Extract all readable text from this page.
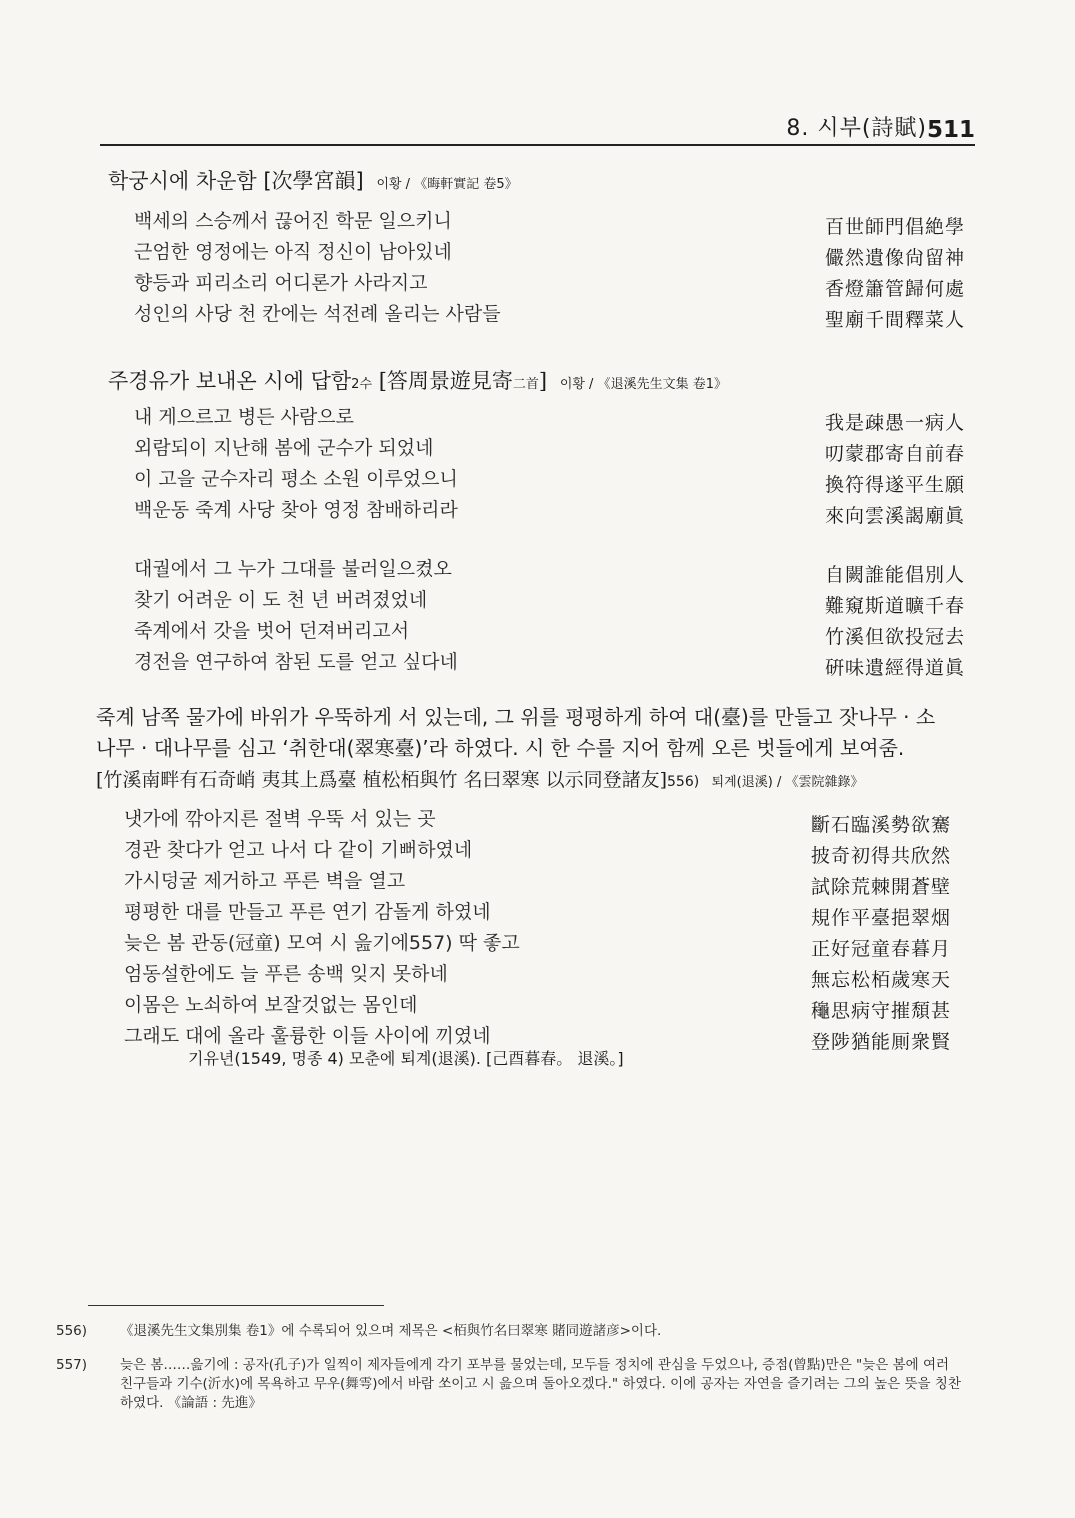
8. 시부(詩賦) 511
학궁시에 차운함 [次學宮韻] 이황 / 《晦軒實記 卷5》
백세의 스승께서 끊어진 학문 일으키니	百世師門倡絶學
근엄한 영정에는 아직 정신이 남아있네	儼然遺像尙留神
향등과 피리소리 어디론가 사라지고	香燈簫管歸何處
성인의 사당 천 칸에는 석전례 올리는 사람들	聖廟千間釋菜人
주경유가 보내온 시에 답함2수 [答周景遊見寄二首] 이황 / 《退溪先生文集 卷1》
내 게으르고 병든 사람으로	我是疎愚一病人
외람되이 지난해 봄에 군수가 되었네	叨蒙郡寄自前春
이 고을 군수자리 평소 소원 이루었으니	換符得遂平生願
백운동 죽계 사당 찾아 영정 참배하리라	來向雲溪謁廟眞
대궐에서 그 누가 그대를 불러일으켰오	自闕誰能倡別人
찾기 어려운 이 도 천 년 버려졌었네	難窺斯道曠千春
죽계에서 갓을 벗어 던져버리고서	竹溪但欲投冠去
경전을 연구하여 참된 도를 얻고 싶다네	硏味遺經得道眞
죽계 남쪽 물가에 바위가 우뚝하게 서 있는데, 그 위를 평평하게 하여 대(臺)를 만들고 잣나무 · 소
나무 · 대나무를 심고 ‘취한대(翠寒臺)’라 하였다. 시 한 수를 지어 함께 오른 벗들에게 보여줌.
[竹溪南畔有石奇峭 夷其上爲臺 植松栢與竹 名曰翠寒 以示同登諸友]556) 퇴계(退溪) / 《雲院雜錄》
냇가에 깎아지른 절벽 우뚝 서 있는 곳	斷石臨溪勢欲騫
경관 찾다가 얻고 나서 다 같이 기뻐하였네	披奇初得共欣然
가시덩굴 제거하고 푸른 벽을 열고	試除荒棘開蒼壁
평평한 대를 만들고 푸른 연기 감돌게 하였네	規作平臺挹翠烟
늦은 봄 관동(冠童) 모여 시 읊기에557) 딱 좋고	正好冠童春暮月
엄동설한에도 늘 푸른 송백 잊지 못하네	無忘松栢歲寒天
이몸은 노쇠하여 보잘것없는 몸인데	龝思病守摧頹甚
그래도 대에 올라 훌륭한 이들 사이에 끼였네	登陟猶能厠衆賢
기유년(1549, 명종 4) 모춘에 퇴계(退溪). [己酉暮春。 退溪。]
556) 《退溪先生文集別集 卷1》에 수록되어 있으며 제목은 <栢與竹名曰翠寒 賭同遊諸彦>이다.
557) 늦은 봄……읊기에 : 공자(孔子)가 일찍이 제자들에게 각기 포부를 물었는데, 모두들 정치에 관심을 두었으나, 증점(曾點)만은 "늦은 봄에 여러 친구들과 기수(沂水)에 목욕하고 무우(舞雩)에서 바람 쏘이고 시 읊으며 돌아오겠다." 하였다. 이에 공자는 자연을 즐기려는 그의 높은 뜻을 칭찬하였다. 《論語 : 先進》
